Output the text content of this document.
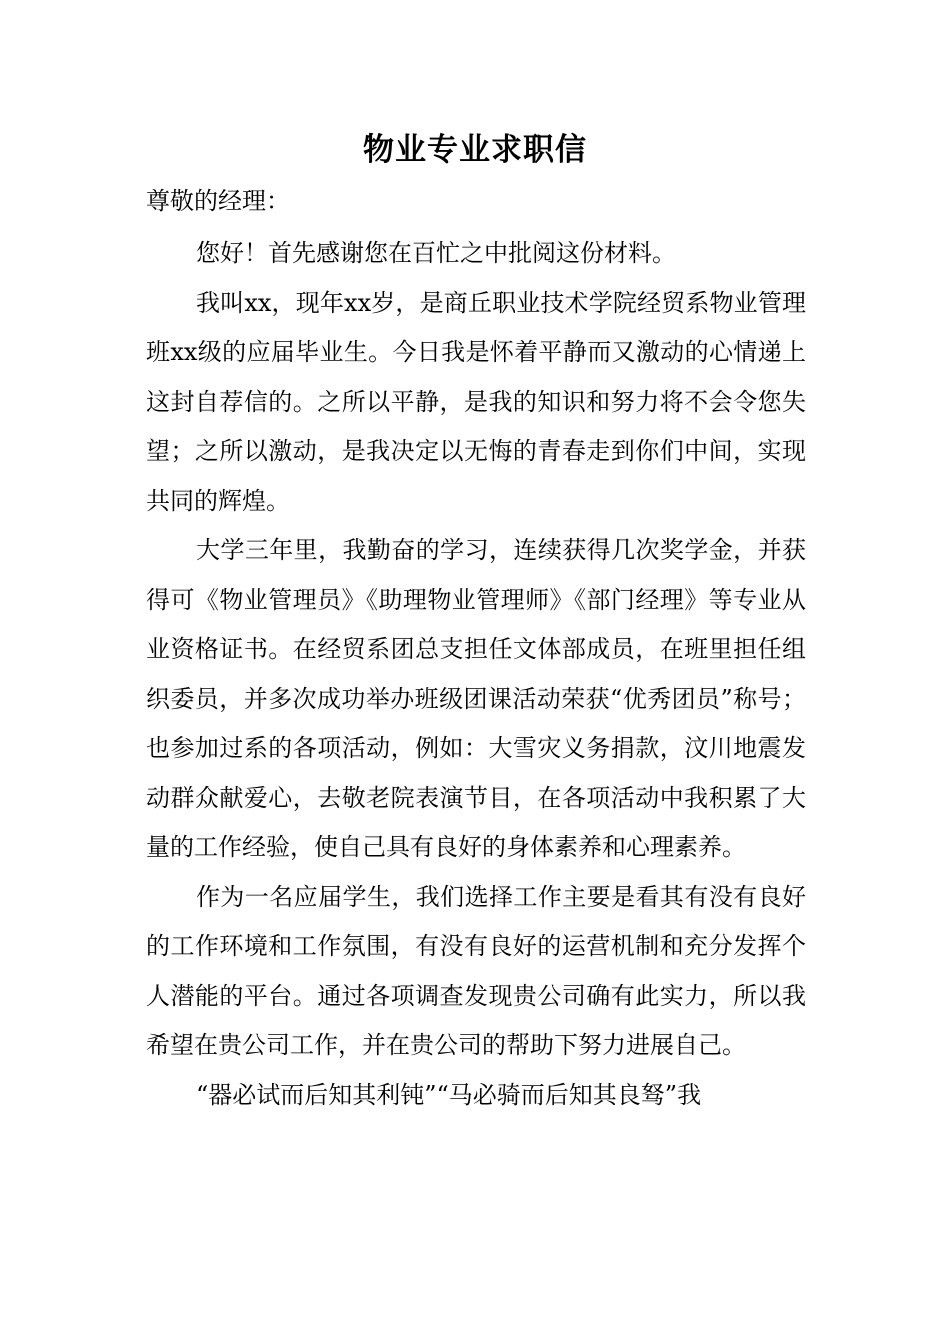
物业专业求职信
尊敬的经理：

您好！首先感谢您在百忙之中批阅这份材料。

我叫xx，现年xx岁，是商丘职业技术学院经贸系物业管理班xx级的应届毕业生。今日我是怀着平静而又激动的心情递上这封自荐信的。之所以平静，是我的知识和努力将不会令您失望；之所以激动，是我决定以无悔的青春走到你们中间，实现共同的辉煌。

大学三年里，我勤奋的学习，连续获得几次奖学金，并获得可《物业管理员》《助理物业管理师》《部门经理》等专业从业资格证书。在经贸系团总支担任文体部成员，在班里担任组织委员，并多次成功举办班级团课活动荣获“优秀团员”称号；也参加过系的各项活动，例如：大雪灾义务捐款，汶川地震发动群众献爱心，去敬老院表演节目，在各项活动中我积累了大量的工作经验，使自己具有良好的身体素养和心理素养。

作为一名应届学生，我们选择工作主要是看其有没有良好的工作环境和工作氛围，有没有良好的运营机制和充分发挥个人潜能的平台。通过各项调查发现贵公司确有此实力，所以我希望在贵公司工作，并在贵公司的帮助下努力进展自己。

“器必试而后知其利钝”“马必骑而后知其良驽”我
